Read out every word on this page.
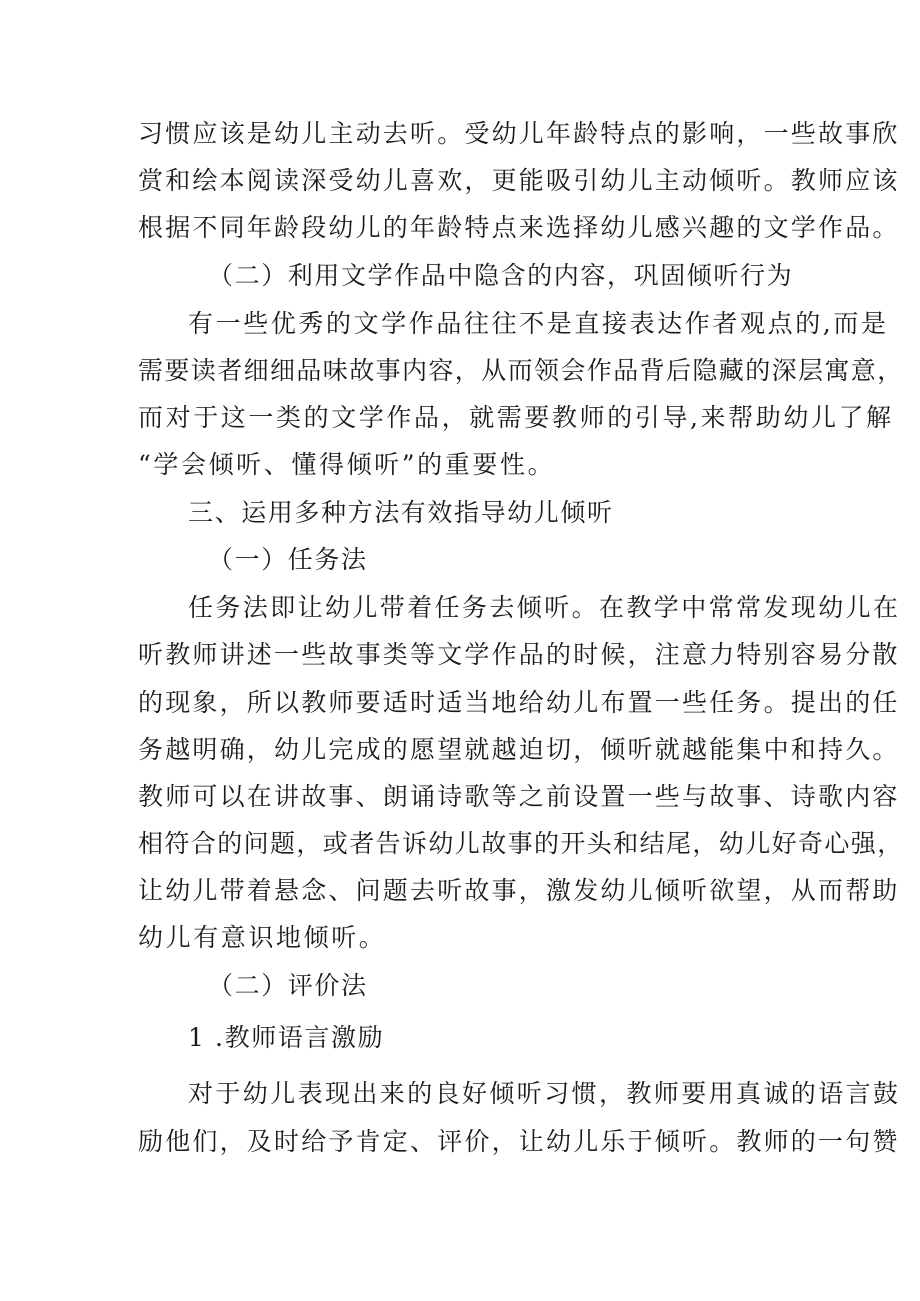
习惯应该是幼儿主动去听。受幼儿年龄特点的影响，一些故事欣

赏和绘本阅读深受幼儿喜欢，更能吸引幼儿主动倾听。教师应该

根据不同年龄段幼儿的年龄特点来选择幼儿感兴趣的文学作品。

（二）利用文学作品中隐含的内容，巩固倾听行为

有一些优秀的文学作品往往不是直接表达作者观点的,而是

需要读者细细品味故事内容，从而领会作品背后隐藏的深层寓意，

而对于这一类的文学作品，就需要教师的引导,来帮助幼儿了解

“学会倾听、懂得倾听”的重要性。

三、运用多种方法有效指导幼儿倾听

（一）任务法

任务法即让幼儿带着任务去倾听。在教学中常常发现幼儿在

听教师讲述一些故事类等文学作品的时候，注意力特别容易分散

的现象，所以教师要适时适当地给幼儿布置一些任务。提出的任

务越明确，幼儿完成的愿望就越迫切，倾听就越能集中和持久。

教师可以在讲故事、朗诵诗歌等之前设置一些与故事、诗歌内容

相符合的问题，或者告诉幼儿故事的开头和结尾，幼儿好奇心强，

让幼儿带着悬念、问题去听故事，激发幼儿倾听欲望，从而帮助

幼儿有意识地倾听。

（二）评价法

1 .教师语言激励

对于幼儿表现出来的良好倾听习惯，教师要用真诚的语言鼓

励他们，及时给予肯定、评价，让幼儿乐于倾听。教师的一句赞
